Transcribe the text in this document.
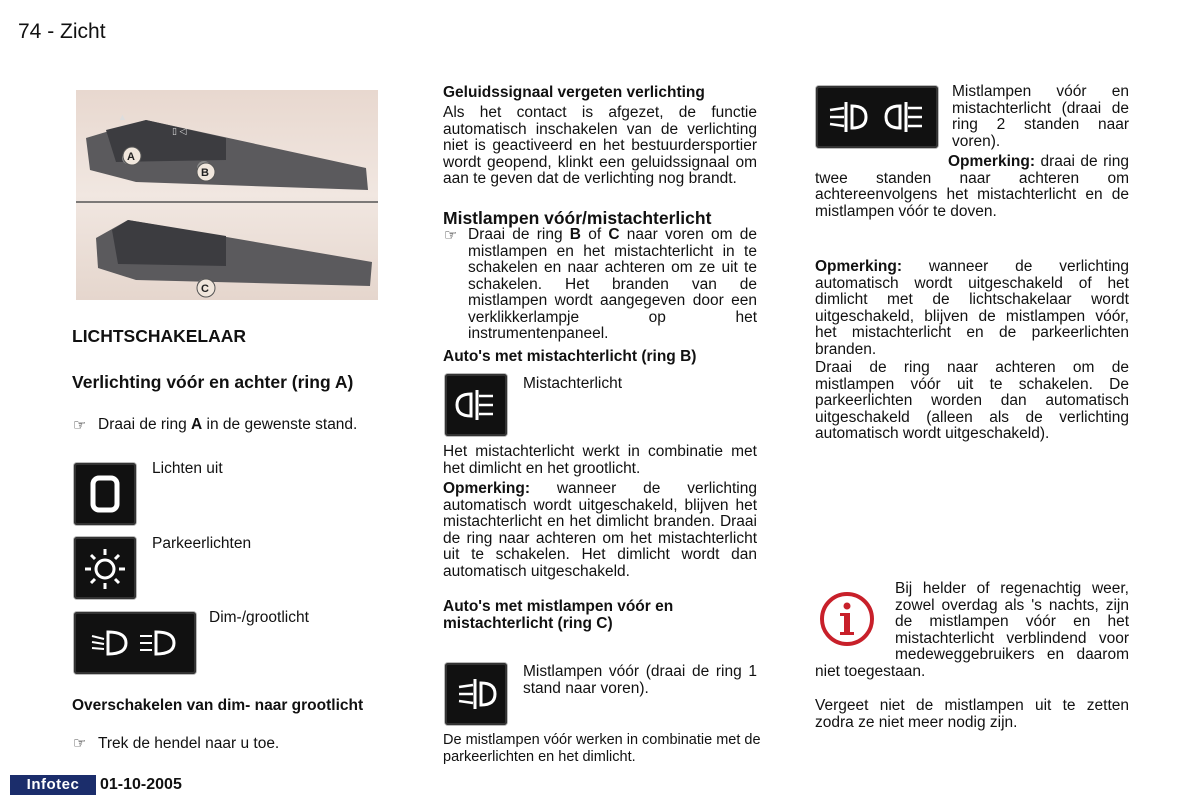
74 - Zicht
▲
▯ ◁
A
B
C
LICHTSCHAKELAAR
Verlichting vóór en achter (ring A)
☞ Draai de ring A in de gewenste stand.
Lichten uit
Parkeerlichten
Dim-/grootlicht
Overschakelen van dim- naar grootlicht
☞ Trek de hendel naar u toe.
Geluidssignaal vergeten verlichting
Als het contact is afgezet, de functie automatisch inschakelen van de verlichting niet is geactiveerd en het bestuurdersportier wordt geopend, klinkt een geluidssignaal om aan te geven dat de verlichting nog brandt.
Mistlampen vóór/mistachterlicht
☞ Draai de ring B of C naar voren om de mistlampen en het mistachterlicht in te schakelen en naar achteren om ze uit te schakelen. Het branden van de mistlampen wordt aangegeven door een verklikkerlampje op het instrumentenpaneel.
Auto's met mistachterlicht (ring B)
Mistachterlicht
Het mistachterlicht werkt in combinatie met het dimlicht en het grootlicht.
Opmerking: wanneer de verlichting automatisch wordt uitgeschakeld, blijven het mistachterlicht en het dimlicht branden. Draai de ring naar achteren om het mistachterlicht uit te schakelen. Het dimlicht wordt dan automatisch uitgeschakeld.
Auto's met mistlampen vóór en mistachterlicht (ring C)
Mistlampen vóór (draai de ring 1 stand naar voren).
De mistlampen vóór werken in combinatie met de parkeerlichten en het dimlicht.
Mistlampen vóór en mistachterlicht (draai de ring 2 standen naar voren).
Opmerking: draai de ring twee standen naar achteren om achtereenvolgens het mistachterlicht en de mistlampen vóór te doven.
Opmerking: wanneer de verlichting automatisch wordt uitgeschakeld of het dimlicht met de lichtschakelaar wordt uitgeschakeld, blijven de mistlampen vóór, het mistachterlicht en de parkeerlichten branden.
Draai de ring naar achteren om de mistlampen vóór uit te schakelen. De parkeerlichten worden dan automatisch uitgeschakeld (alleen als de verlichting automatisch wordt uitgeschakeld).
Bij helder of regenachtig weer, zowel overdag als 's nachts, zijn de mistlampen vóór en het mistachterlicht verblindend voor medeweggebruikers en daarom niet toegestaan.
Vergeet niet de mistlampen uit te zetten zodra ze niet meer nodig zijn.
Infotec	01-10-2005
